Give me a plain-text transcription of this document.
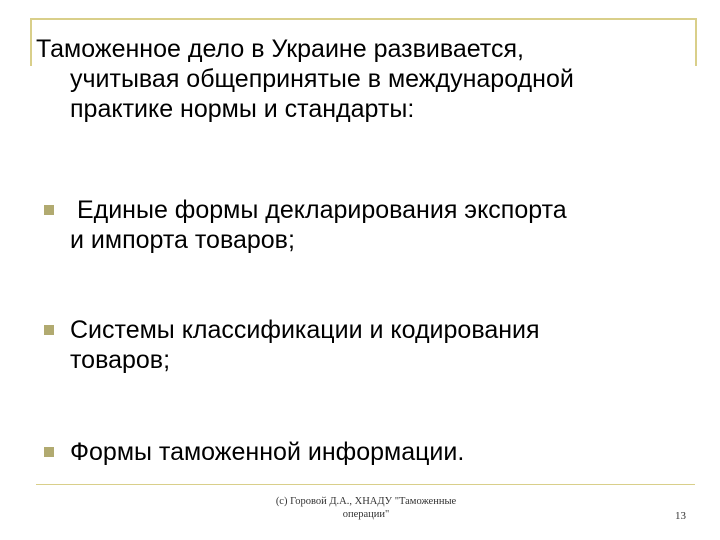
Таможенное дело в Украине развивается,
учитывая общепринятые в международной
практике нормы и стандарты:
Единые формы декларирования экспорта
и импорта товаров;
Системы классификации и кодирования
товаров;
Формы таможенной информации.
(c) Горовой Д.А., ХНАДУ "Таможенные
операции"	13
